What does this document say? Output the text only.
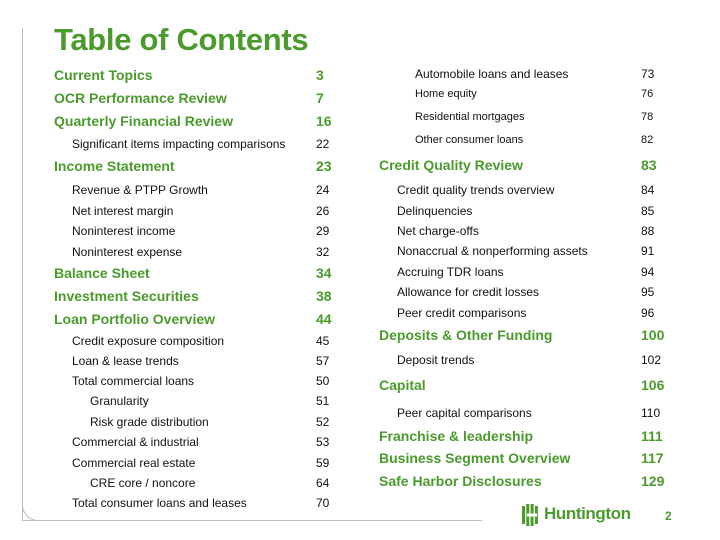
Table of Contents
Current Topics	3
OCR Performance Review	7
Quarterly Financial Review	16
Significant items impacting comparisons	22
Income Statement	23
Revenue & PTPP Growth	24
Net interest margin	26
Noninterest income	29
Noninterest expense	32
Balance Sheet	34
Investment Securities	38
Loan Portfolio Overview	44
Credit exposure composition	45
Loan & lease trends	57
Total commercial loans	50
Granularity	51
Risk grade distribution	52
Commercial & industrial	53
Commercial real estate	59
CRE core / noncore	64
Total consumer loans and leases	70
Automobile loans and leases	73
Home equity	76
Residential mortgages	78
Other consumer loans	82
Credit Quality Review	83
Credit quality trends overview	84
Delinquencies	85
Net charge-offs	88
Nonaccrual & nonperforming assets	91
Accruing TDR loans	94
Allowance for credit losses	95
Peer credit comparisons	96
Deposits & Other Funding	100
Deposit trends	102
Capital	106
Peer capital comparisons	110
Franchise & leadership	111
Business Segment Overview	117
Safe Harbor Disclosures	129
Huntington	2
